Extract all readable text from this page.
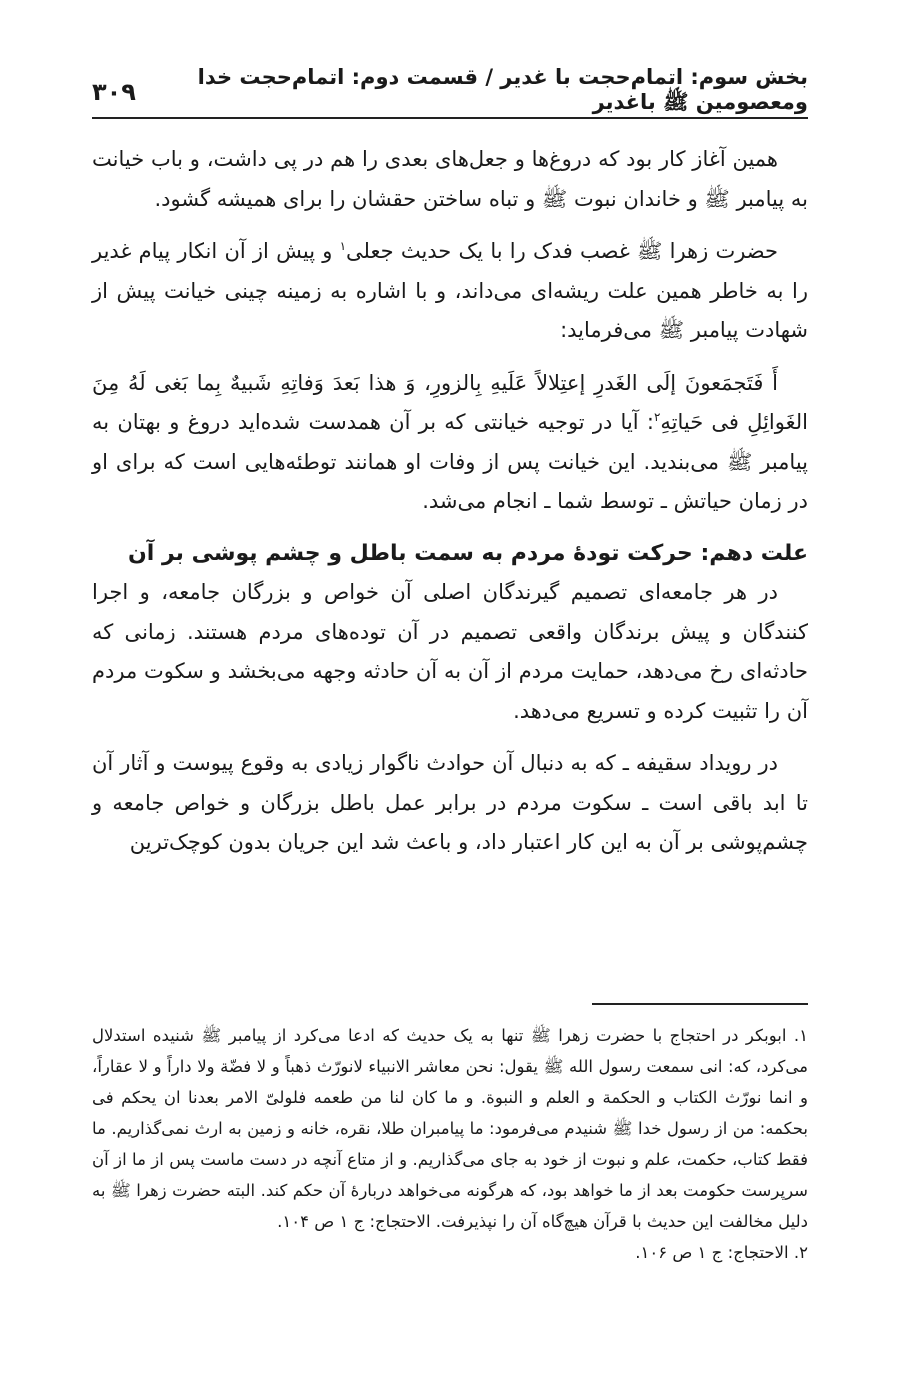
بخش سوم: اتمام‌حجت با غدیر / قسمت دوم: اتمام‌حجت خدا ومعصومین ﷺ باغدیر
۳۰۹

همین آغاز کار بود که دروغ‌ها و جعل‌های بعدی را هم در پی داشت، و باب خیانت به پیامبر ﷺ و خاندان نبوت ﷺ و تباه ساختن حقشان را برای همیشه گشود.

حضرت زهرا ﷺ غصب فدک را با یک حدیث جعلی$^۱$ و پیش از آن انکار پیام غدیر را به خاطر همین علت ریشه‌ای می‌داند، و با اشاره به زمینه چینی خیانت پیش از شهادت پیامبر ﷺ می‌فرماید:

أَ فَتَجمَعونَ إلَى الغَدرِ إعتِلالاً عَلَیهِ بِالزورِ، وَ هذا بَعدَ وَفاتِهِ شَبیهٌ بِما بَغی لَهُ مِنَ الغَوائِلِ فی حَیاتِهِ$^۲$: آیا در توجیه خیانتی که بر آن همدست شده‌اید دروغ و بهتان به پیامبر ﷺ می‌بندید. این خیانت پس از وفات او همانند توطئه‌هایی است که برای او در زمان حیاتش ـ توسط شما ـ انجام می‌شد.

علت دهم: حرکت تودهٔ مردم به سمت باطل و چشم پوشی بر آن

در هر جامعه‌ای تصمیم گیرندگان اصلی آن خواص و بزرگان جامعه، و اجرا کنندگان و پیش برندگان واقعی تصمیم در آن توده‌های مردم هستند. زمانی که حادثه‌ای رخ می‌دهد، حمایت مردم از آن به آن حادثه وجهه می‌بخشد و سکوت مردم آن را تثبیت کرده و تسریع می‌دهد.

در رویداد سقیفه ـ که به دنبال آن حوادث ناگوار زیادی به وقوع پیوست و آثار آن تا ابد باقی است ـ سکوت مردم در برابر عمل باطل بزرگان و خواص جامعه و چشم‌پوشی بر آن به این کار اعتبار داد، و باعث شد این جریان بدون کوچک‌ترین

۱. ابوبکر در احتجاج با حضرت زهرا ﷺ تنها به یک حدیث که ادعا می‌کرد از پیامبر ﷺ شنیده استدلال می‌کرد، که: انی سمعت رسول الله ﷺ یقول: نحن معاشر الانبیاء لانورّث ذهباً و لا فضّة ولا داراً و لا عقاراً، و انما نورّث الکتاب و الحکمة و العلم و النبوة. و ما کان لنا من طعمه فلولیّ الامر بعدنا ان یحکم فی بحکمه: من از رسول خدا ﷺ شنیدم می‌فرمود: ما پیامبران طلا، نقره، خانه و زمین به ارث نمی‌گذاریم. ما فقط کتاب، حکمت، علم و نبوت از خود به جای می‌گذاریم. و از متاع آنچه در دست ماست پس از ما از آن سرپرست حکومت بعد از ما خواهد بود، که هرگونه می‌خواهد دربارهٔ آن حکم کند. البته حضرت زهرا ﷺ به دلیل مخالفت این حدیث با قرآن هیچ‌گاه آن را نپذیرفت. الاحتجاج: ج ۱ ص ۱۰۴.

۲. الاحتجاج: ج ۱ ص ۱۰۶.
